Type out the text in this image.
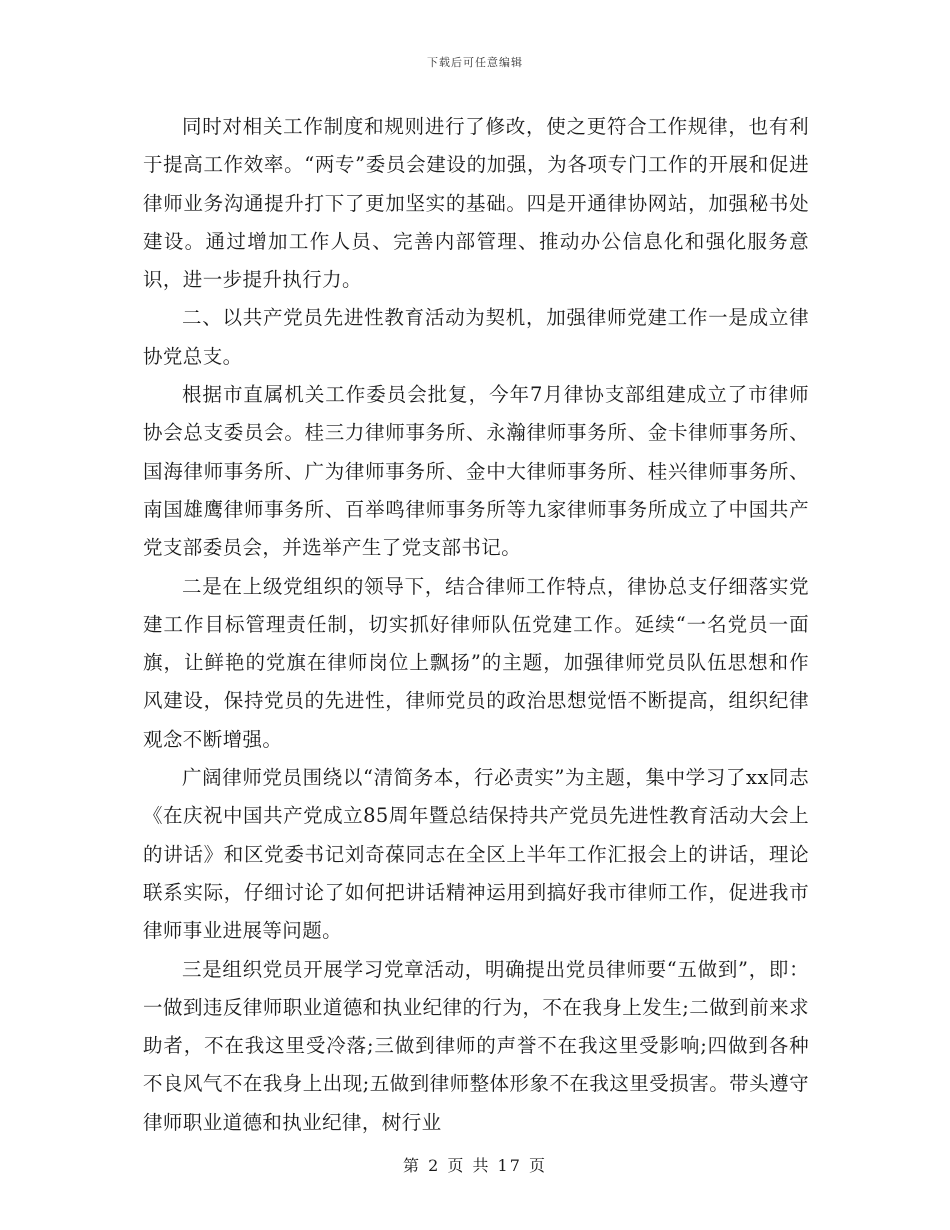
下载后可任意编辑

同时对相关工作制度和规则进行了修改，使之更符合工作规律，也有利于提高工作效率。“两专”委员会建设的加强，为各项专门工作的开展和促进律师业务沟通提升打下了更加坚实的基础。四是开通律协网站，加强秘书处建设。通过增加工作人员、完善内部管理、推动办公信息化和强化服务意识，进一步提升执行力。

二、以共产党员先进性教育活动为契机，加强律师党建工作一是成立律协党总支。

根据市直属机关工作委员会批复，今年7月律协支部组建成立了市律师协会总支委员会。桂三力律师事务所、永瀚律师事务所、金卡律师事务所、国海律师事务所、广为律师事务所、金中大律师事务所、桂兴律师事务所、南国雄鹰律师事务所、百举鸣律师事务所等九家律师事务所成立了中国共产党支部委员会，并选举产生了党支部书记。

二是在上级党组织的领导下，结合律师工作特点，律协总支仔细落实党建工作目标管理责任制，切实抓好律师队伍党建工作。延续“一名党员一面旗，让鲜艳的党旗在律师岗位上飘扬”的主题，加强律师党员队伍思想和作风建设，保持党员的先进性，律师党员的政治思想觉悟不断提高，组织纪律观念不断增强。

广阔律师党员围绕以“清简务本，行必责实”为主题，集中学习了xx同志《在庆祝中国共产党成立85周年暨总结保持共产党员先进性教育活动大会上的讲话》和区党委书记刘奇葆同志在全区上半年工作汇报会上的讲话，理论联系实际，仔细讨论了如何把讲话精神运用到搞好我市律师工作，促进我市律师事业进展等问题。

三是组织党员开展学习党章活动，明确提出党员律师要“五做到”，即：一做到违反律师职业道德和执业纪律的行为，不在我身上发生;二做到前来求助者，不在我这里受冷落;三做到律师的声誉不在我这里受影响;四做到各种不良风气不在我身上出现;五做到律师整体形象不在我这里受损害。带头遵守律师职业道德和执业纪律，树行业

第 2 页 共 17 页
